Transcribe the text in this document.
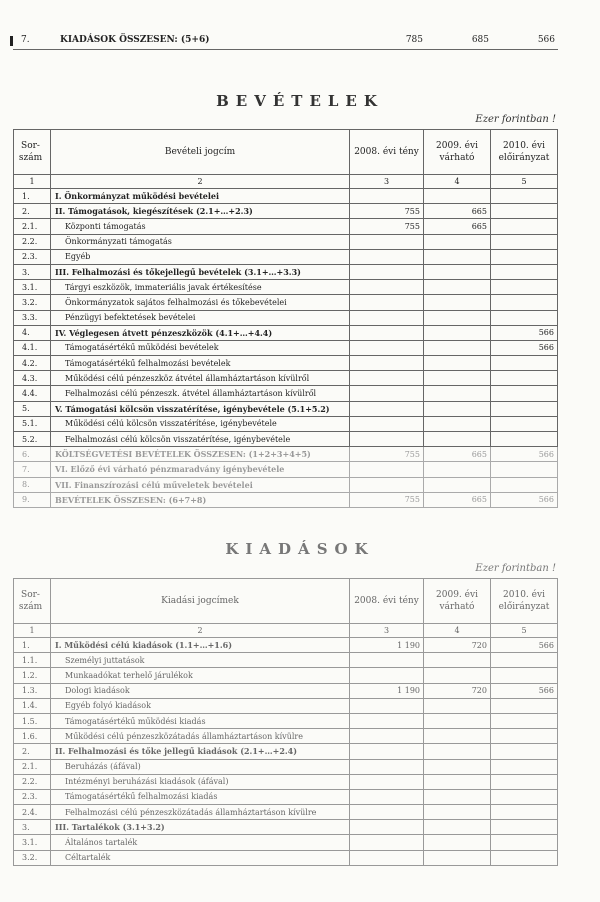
7.	KIADÁSOK ÖSSZESEN: (5+6)	785	685	566
BEVÉTELEK
Ezer forintban !
Sor-szám	Bevételi jogcím	2008. évi tény	2009. évi várható	2010. évi előirányzat
1	2	3	4	5
1.	I. Önkormányzat működési bevételei			
2.	II. Támogatások, kiegészítések (2.1+…+2.3)	755	665	
2.1.	Központi támogatás	755	665	
2.2.	Önkormányzati támogatás			
2.3.	Egyéb			
3.	III. Felhalmozási és tőkejellegű bevételek (3.1+…+3.3)			
3.1.	Tárgyi eszközök, immateriális javak értékesítése			
3.2.	Önkormányzatok sajátos felhalmozási és tőkebevételei			
3.3.	Pénzügyi befektetések bevételei			
4.	IV. Véglegesen átvett pénzeszközök (4.1+…+4.4)			566
4.1.	Támogatásértékű működési bevételek			566
4.2.	Támogatásértékű felhalmozási bevételek			
4.3.	Működési célú pénzeszköz átvétel államháztartáson kívülről			
4.4.	Felhalmozási célú pénzeszk. átvétel államháztartáson kívülről			
5.	V. Támogatási kölcsön visszatérítése, igénybevétele (5.1+5.2)			
5.1.	Működési célú kölcsön visszatérítése, igénybevétele			
5.2.	Felhalmozási célú kölcsön visszatérítése, igénybevétele			
6.	KÖLTSÉGVETÉSI BEVÉTELEK ÖSSZESEN: (1+2+3+4+5)	755	665	566
7.	VI. Előző évi várható pénzmaradvány igénybevétele			
8.	VII. Finanszírozási célú műveletek bevételei			
9.	BEVÉTELEK ÖSSZESEN: (6+7+8)	755	665	566
KIADÁSOK
Ezer forintban !
Sor-szám	Kiadási jogcímek	2008. évi tény	2009. évi várható	2010. évi előirányzat
1	2	3	4	5
1.	I. Működési célú kiadások (1.1+…+1.6)	1 190	720	566
1.1.	Személyi juttatások			
1.2.	Munkaadókat terhelő járulékok			
1.3.	Dologi kiadások	1 190	720	566
1.4.	Egyéb folyó kiadások			
1.5.	Támogatásértékű működési kiadás			
1.6.	Működési célú pénzeszközátadás államháztartáson kívülre			
2.	II. Felhalmozási és tőke jellegű kiadások (2.1+…+2.4)			
2.1.	Beruházás (áfával)			
2.2.	Intézményi beruházási kiadások (áfával)			
2.3.	Támogatásértékű felhalmozási kiadás			
2.4.	Felhalmozási célú pénzeszközátadás államháztartáson kívülre			
3.	III. Tartalékok (3.1+3.2)			
3.1.	Általános tartalék			
3.2.	Céltartalék			
